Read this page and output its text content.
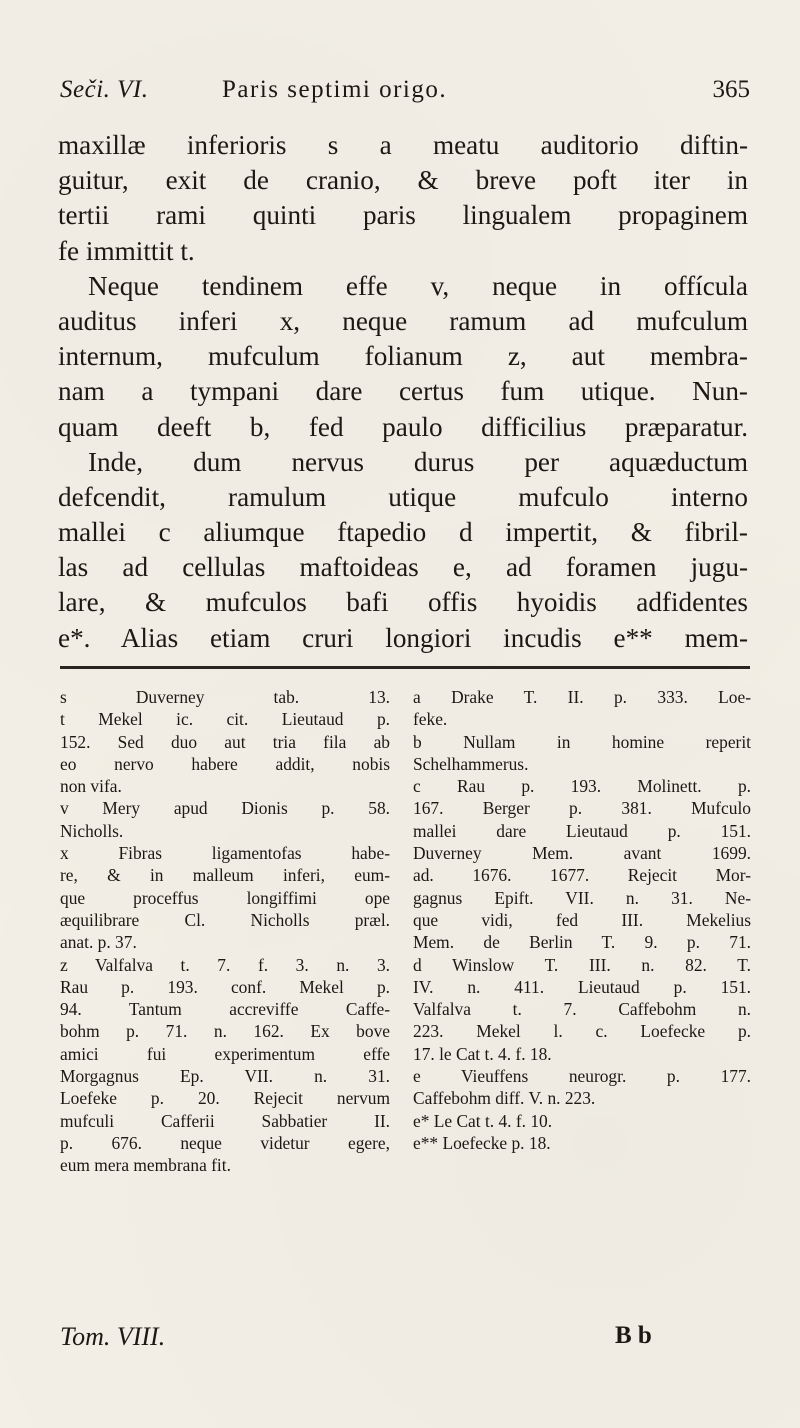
Seči. VI.	Paris septimi origo.	365
maxillæ inferioris s a meatu auditorio diftin-
guitur, exit de cranio, & breve poft iter in
tertii rami quinti paris lingualem propaginem
fe immittit t.
Neque tendinem effe v, neque in offícula
auditus inferi x, neque ramum ad mufculum
internum, mufculum folianum z, aut membra-
nam a tympani dare certus fum utique. Nun-
quam deeft b, fed paulo difficilius præparatur.
Inde, dum nervus durus per aquæductum
defcendit, ramulum utique mufculo interno
mallei c aliumque ftapedio d impertit, & fibril-
las ad cellulas maftoideas e, ad foramen jugu-
lare, & mufculos bafi offis hyoidis adfidentes
e*. Alias etiam cruri longiori incudis e** mem-
s Duverney tab. 13.
t Mekel ic. cit. Lieutaud p.
152. Sed duo aut tria fila ab
eo nervo habere addit, nobis
non vifa.
v Mery apud Dionis p. 58.
Nicholls.
x Fibras ligamentofas habe-
re, & in malleum inferi, eum-
que proceffus longiffimi ope
æquilibrare Cl. Nicholls præl.
anat. p. 37.
z Valfalva t. 7. f. 3. n. 3.
Rau p. 193. conf. Mekel p.
94. Tantum accreviffe Caffe-
bohm p. 71. n. 162. Ex bove
amici fui experimentum effe
Morgagnus Ep. VII. n. 31.
Loefeke p. 20. Rejecit nervum
mufculi Cafferii Sabbatier II.
p. 676. neque videtur egere,
eum mera membrana fit.
a Drake T. II. p. 333. Loe-
feke.
b Nullam in homine reperit
Schelhammerus.
c Rau p. 193. Molinett. p.
167. Berger p. 381. Mufculo
mallei dare Lieutaud p. 151.
Duverney Mem. avant 1699.
ad. 1676. 1677. Rejecit Mor-
gagnus Epift. VII. n. 31. Ne-
que vidi, fed III. Mekelius
Mem. de Berlin T. 9. p. 71.
d Winslow T. III. n. 82. T.
IV. n. 411. Lieutaud p. 151.
Valfalva t. 7. Caffebohm n.
223. Mekel l. c. Loefecke p.
17. le Cat t. 4. f. 18.
e Vieuffens neurogr. p. 177.
Caffebohm diff. V. n. 223.
e* Le Cat t. 4. f. 10.
e** Loefecke p. 18.
Tom. VIII.	B b
